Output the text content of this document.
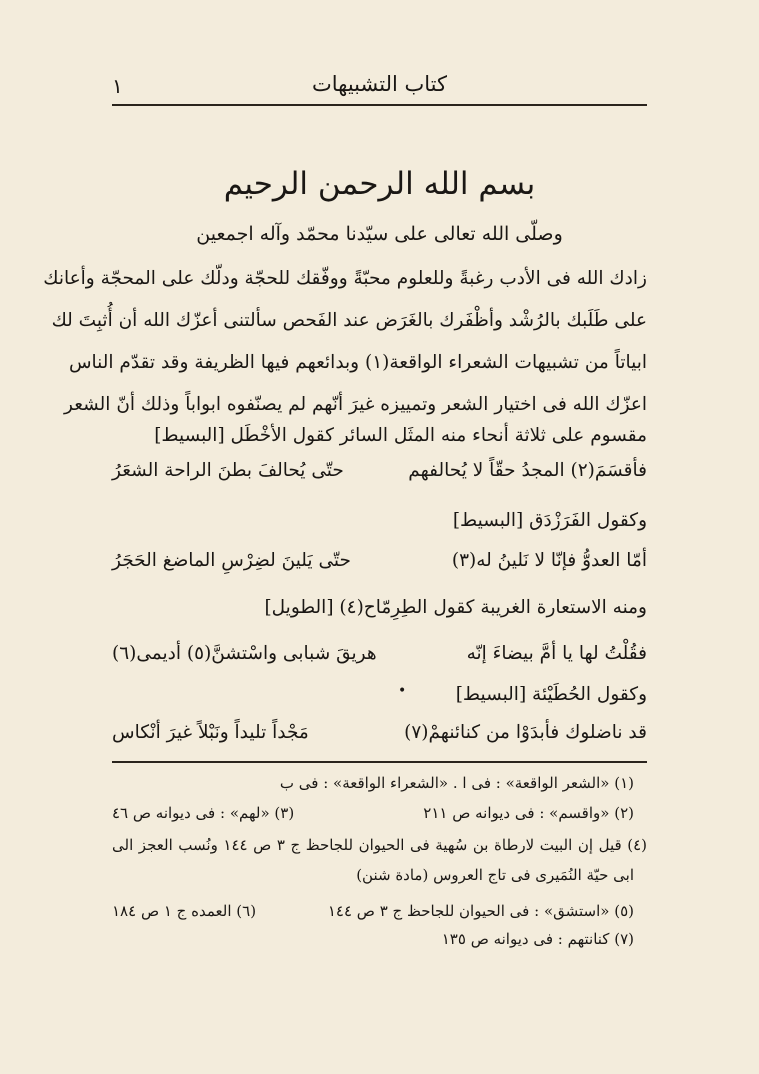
كتاب التشبيهات
١
بسم الله الرحمن الرحيم
وصلّى الله تعالى على سيّدنا محمّد وآله اجمعين
زادك الله فى الأدب رغبةً وللعلوم محبّةً ووفّقك للحجّة ودلّك على المحجّة وأعانك
على طَلَبك بالرُشْد وأظْفَرك بالغَرَض عند الفَحص سألتنى أعزّك الله أن أُثبِتَ لك
ابياتاً من تشبيهات الشعراء الواقعة(١) وبدائعهم فيها الظريفة وقد تقدّم الناس
اعزّك الله فى اختيار الشعر وتمييزه غيرَ أنّهم لم يصنّفوه ابواباً وذلك أنّ الشعر
مقسوم على ثلاثة أنحاء منه المثَل السائر كقول الأخْطَل [البسيط]
فأقسَمَ(٢) المجدُ حقّاً لا يُحالفهم
حتّى يُحالفَ بطنَ الراحة الشعَرُ
وكقول الفَرَزْدَق [البسيط]
أمّا العدوُّ فإنّا لا نَلينُ له(٣)
حتّى يَلينَ لضِرْسِ الماضغ الحَجَرُ
ومنه الاستعارة الغريبة كقول الطِرِمّاح(٤) [الطويل]
فقُلْتُ لها يا أمَّ بيضاءَ إنّه
هريقَ شبابى واسْتشنَّ(٥) أديمى(٦)
•	وكقول الحُطَيْئة [البسيط]
قد ناضلوك فأبدَوْا من كنائنهمْ(٧)
مَجْداً تليداً ونَبْلاً غيرَ أنْكاس
(١) «الشعر الواقعة» : فى ا . «الشعراء الواقعة» : فى ب
(٢) «واقسم» : فى ديوانه ص ٢١١
(٣) «لهم» : فى ديوانه ص ٤٦
(٤) قيل إن البيت لارطاة بن سُهية فى الحيوان للجاحظ ج ٣ ص ١٤٤ ونُسب العجز الى
ابى حيّة النُمَيرى فى تاج العروس (مادة شنن)
(٥) «استشق» : فى الحيوان للجاحظ ج ٣ ص ١٤٤
(٦) العمده ج ١ ص ١٨٤
(٧) كنانتهم : فى ديوانه ص ١٣٥
